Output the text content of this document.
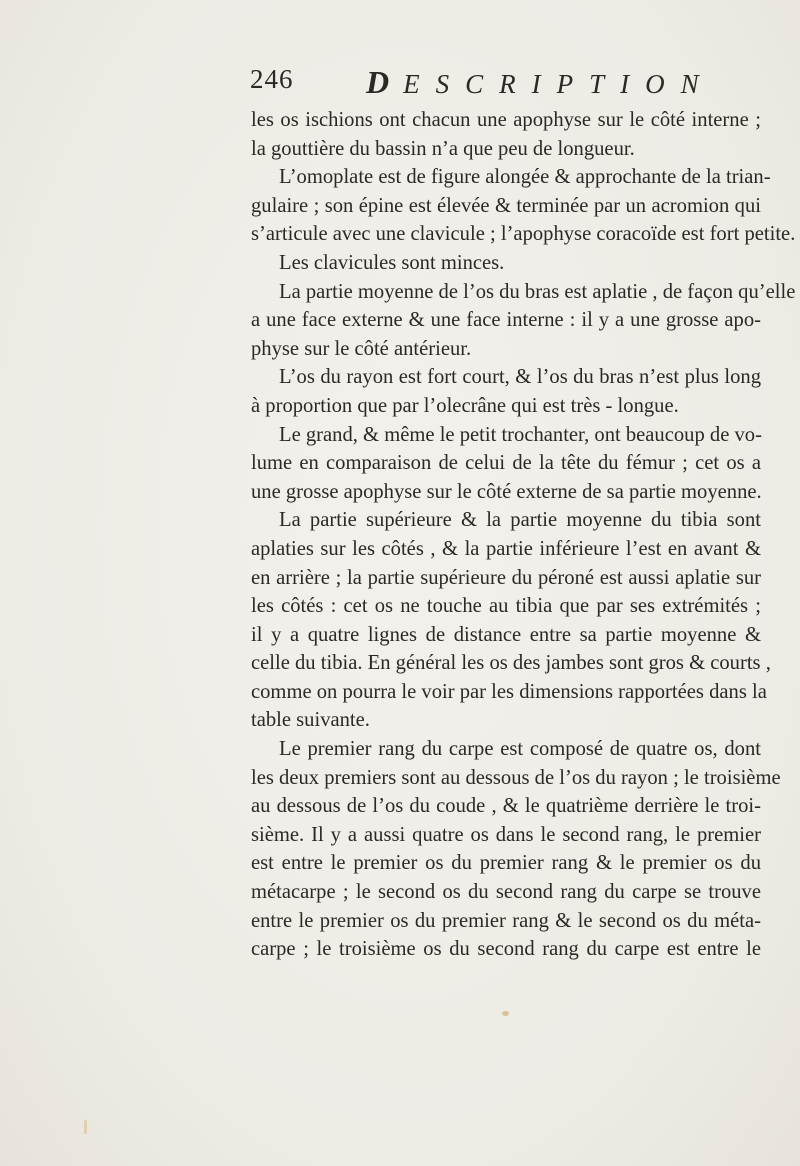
246 DESCRIPTION
les os ischions ont chacun une apophyse sur le côté interne ;
la gouttière du bassin n’a que peu de longueur.
L’omoplate est de figure alongée & approchante de la trian-
gulaire ; son épine est élevée & terminée par un acromion qui
s’articule avec une clavicule ; l’apophyse coracoïde est fort petite.
Les clavicules sont minces.
La partie moyenne de l’os du bras est aplatie , de façon qu’elle
a une face externe & une face interne : il y a une grosse apo-
physe sur le côté antérieur.
L’os du rayon est fort court, & l’os du bras n’est plus long
à proportion que par l’olecrâne qui est très - longue.
Le grand, & même le petit trochanter, ont beaucoup de vo-
lume en comparaison de celui de la tête du fémur ; cet os a
une grosse apophyse sur le côté externe de sa partie moyenne.
La partie supérieure & la partie moyenne du tibia sont
aplaties sur les côtés , & la partie inférieure l’est en avant &
en arrière ; la partie supérieure du péroné est aussi aplatie sur
les côtés : cet os ne touche au tibia que par ses extrémités ;
il y a quatre lignes de distance entre sa partie moyenne &
celle du tibia. En général les os des jambes sont gros & courts ,
comme on pourra le voir par les dimensions rapportées dans la
table suivante.
Le premier rang du carpe est composé de quatre os, dont
les deux premiers sont au dessous de l’os du rayon ; le troisième
au dessous de l’os du coude , & le quatrième derrière le troi-
sième. Il y a aussi quatre os dans le second rang, le premier
est entre le premier os du premier rang & le premier os du
métacarpe ; le second os du second rang du carpe se trouve
entre le premier os du premier rang & le second os du méta-
carpe ; le troisième os du second rang du carpe est entre le
